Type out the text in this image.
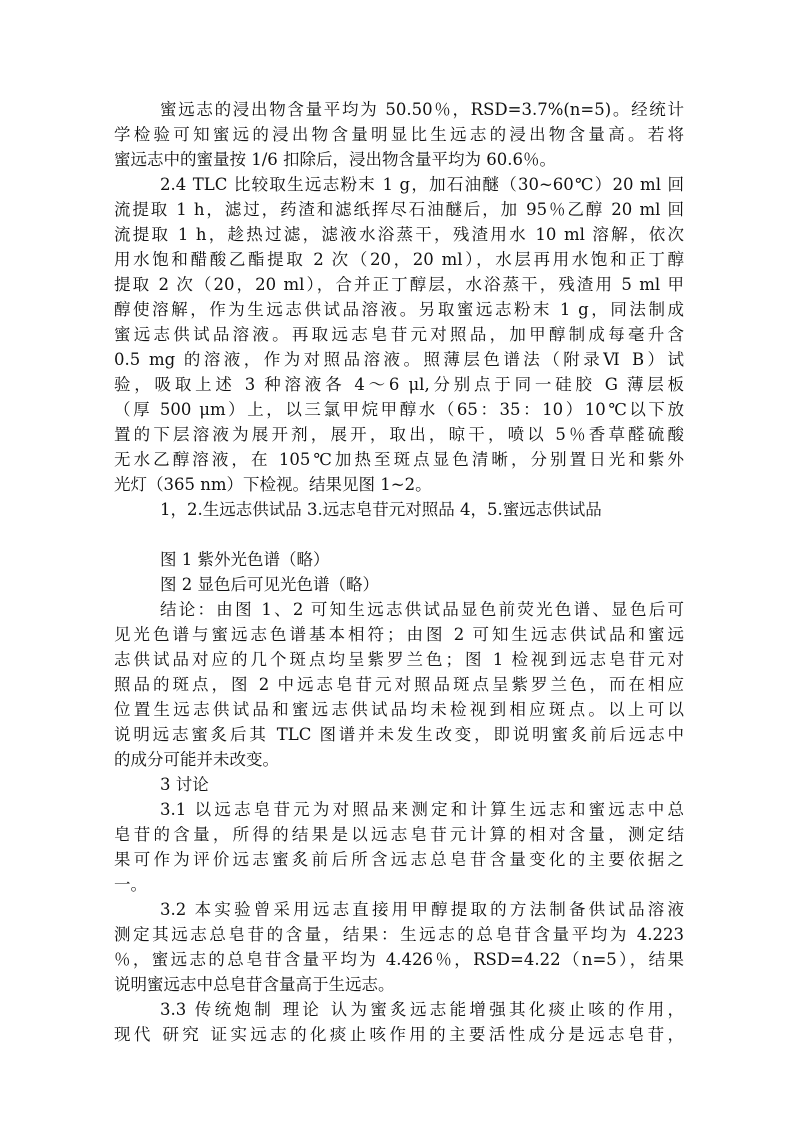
蜜远志的浸出物含量平均为 50.50％，RSD=3.7%(n=5)。经统计
学检验可知蜜远的浸出物含量明显比生远志的浸出物含量高。若将
蜜远志中的蜜量按 1/6 扣除后，浸出物含量平均为 60.6％。
2.4 TLC 比较取生远志粉末 1 g，加石油醚（30~60℃）20 ml 回
流提取 1 h，滤过，药渣和滤纸挥尽石油醚后，加 95％乙醇 20 ml 回
流提取 1 h，趁热过滤，滤液水浴蒸干，残渣用水 10 ml 溶解，依次
用水饱和醋酸乙酯提取 2 次（20，20 ml），水层再用水饱和正丁醇
提取 2 次（20，20 ml），合并正丁醇层，水浴蒸干，残渣用 5 ml 甲
醇使溶解，作为生远志供试品溶液。另取蜜远志粉末 1 g，同法制成
蜜远志供试品溶液。再取远志皂苷元对照品，加甲醇制成每毫升含
0.5 mg 的溶液，作为对照品溶液。照薄层色谱法（附录Ⅵ B）试
验，吸取上述 3 种溶液各 4～6 μl,分别点于同一硅胶 G 薄层板
（厚 500 μm）上，以三氯甲烷甲醇水（65：35：10）10℃以下放
置的下层溶液为展开剂，展开，取出，晾干，喷以 5％香草醛硫酸
无水乙醇溶液，在 105℃加热至斑点显色清晰，分别置日光和紫外
光灯（365 nm）下检视。结果见图 1~2。
1，2.生远志供试品 3.远志皂苷元对照品 4，5.蜜远志供试品
图 1 紫外光色谱（略）
图 2 显色后可见光色谱（略）
结论：由图 1、2 可知生远志供试品显色前荧光色谱、显色后可
见光色谱与蜜远志色谱基本相符；由图 2 可知生远志供试品和蜜远
志供试品对应的几个斑点均呈紫罗兰色；图 1 检视到远志皂苷元对
照品的斑点，图 2 中远志皂苷元对照品斑点呈紫罗兰色，而在相应
位置生远志供试品和蜜远志供试品均未检视到相应斑点。以上可以
说明远志蜜炙后其 TLC 图谱并未发生改变，即说明蜜炙前后远志中
的成分可能并未改变。
3 讨论
3.1 以远志皂苷元为对照品来测定和计算生远志和蜜远志中总
皂苷的含量，所得的结果是以远志皂苷元计算的相对含量，测定结
果可作为评价远志蜜炙前后所含远志总皂苷含量变化的主要依据之
一。
3.2 本实验曾采用远志直接用甲醇提取的方法制备供试品溶液
测定其远志总皂苷的含量，结果：生远志的总皂苷含量平均为 4.223
％，蜜远志的总皂苷含量平均为 4.426％，RSD=4.22（n=5），结果
说明蜜远志中总皂苷含量高于生远志。
3.3 传统炮制 理论 认为蜜炙远志能增强其化痰止咳的作用，
现代 研究 证实远志的化痰止咳作用的主要活性成分是远志皂苷，
